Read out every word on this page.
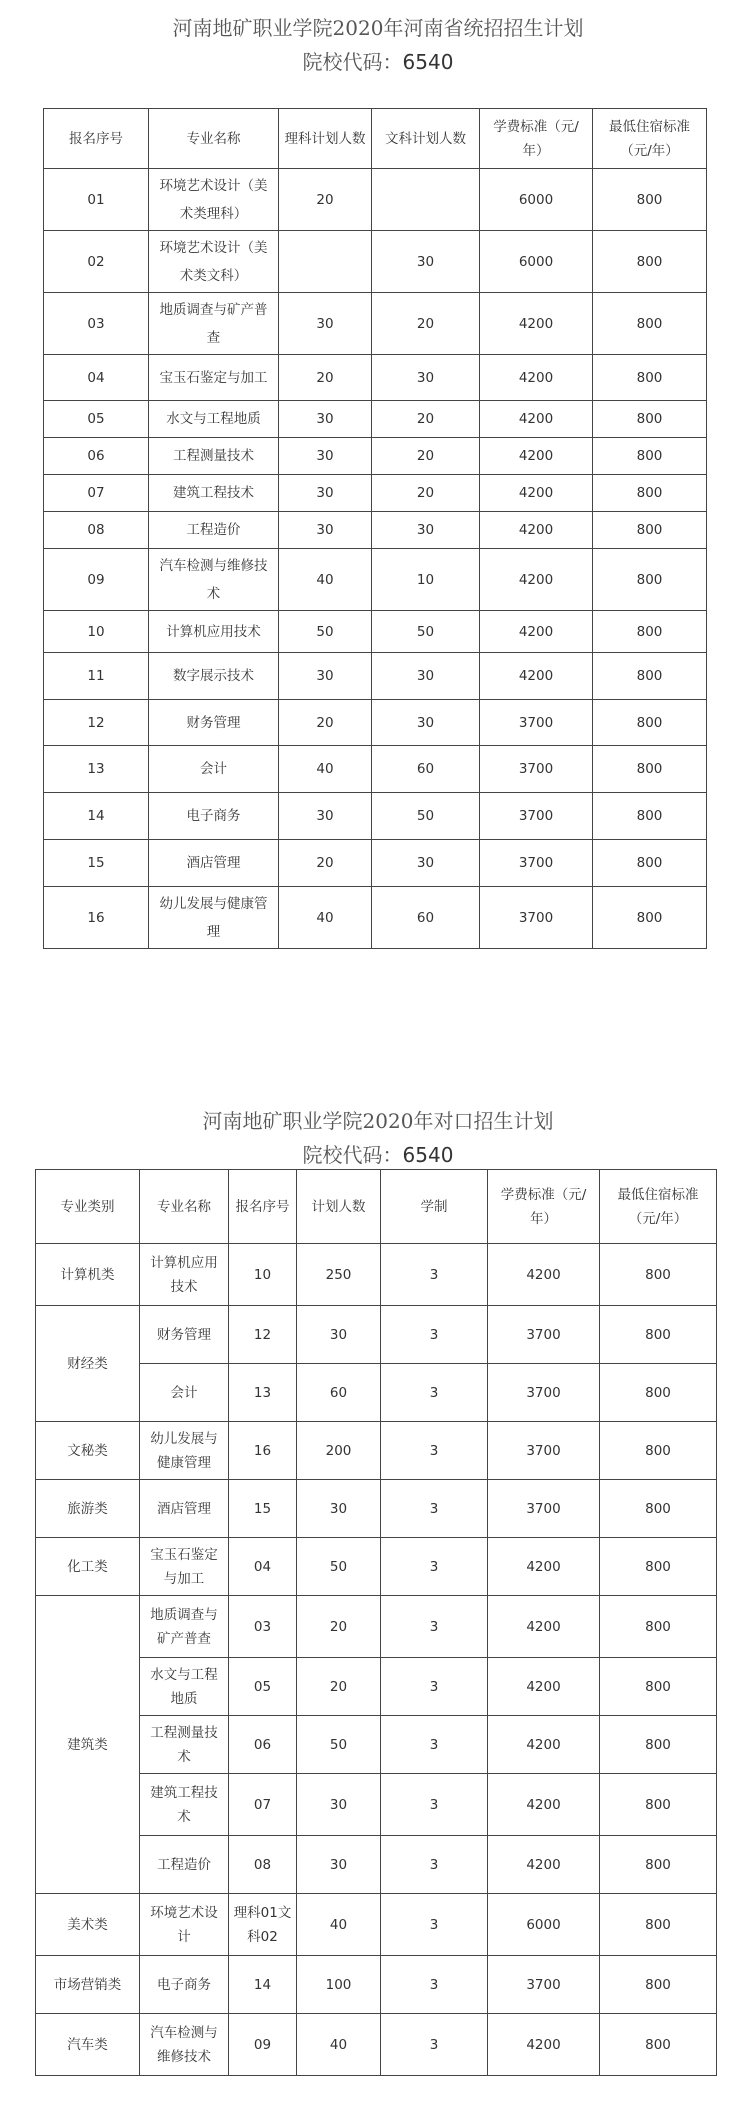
河南地矿职业学院2020年河南省统招招生计划
院校代码：6540
报名序号	专业名称	理科计划人数	文科计划人数	学费标准（元/年）	最低住宿标准（元/年）
01	环境艺术设计（美术类理科）	20		6000	800
02	环境艺术设计（美术类文科）		30	6000	800
03	地质调查与矿产普查	30	20	4200	800
04	宝玉石鉴定与加工	20	30	4200	800
05	水文与工程地质	30	20	4200	800
06	工程测量技术	30	20	4200	800
07	建筑工程技术	30	20	4200	800
08	工程造价	30	30	4200	800
09	汽车检测与维修技术	40	10	4200	800
10	计算机应用技术	50	50	4200	800
11	数字展示技术	30	30	4200	800
12	财务管理	20	30	3700	800
13	会计	40	60	3700	800
14	电子商务	30	50	3700	800
15	酒店管理	20	30	3700	800
16	幼儿发展与健康管理	40	60	3700	800
河南地矿职业学院2020年对口招生计划
院校代码：6540
专业类别	专业名称	报名序号	计划人数	学制	学费标准（元/年）	最低住宿标准（元/年）
计算机类	计算机应用技术	10	250	3	4200	800
财经类	财务管理	12	30	3	3700	800
	会计	13	60	3	3700	800
文秘类	幼儿发展与健康管理	16	200	3	3700	800
旅游类	酒店管理	15	30	3	3700	800
化工类	宝玉石鉴定与加工	04	50	3	4200	800
建筑类	地质调查与矿产普查	03	20	3	4200	800
	水文与工程地质	05	20	3	4200	800
	工程测量技术	06	50	3	4200	800
	建筑工程技术	07	30	3	4200	800
	工程造价	08	30	3	4200	800
美术类	环境艺术设计	理科01文科02	40	3	6000	800
市场营销类	电子商务	14	100	3	3700	800
汽车类	汽车检测与维修技术	09	40	3	4200	800
